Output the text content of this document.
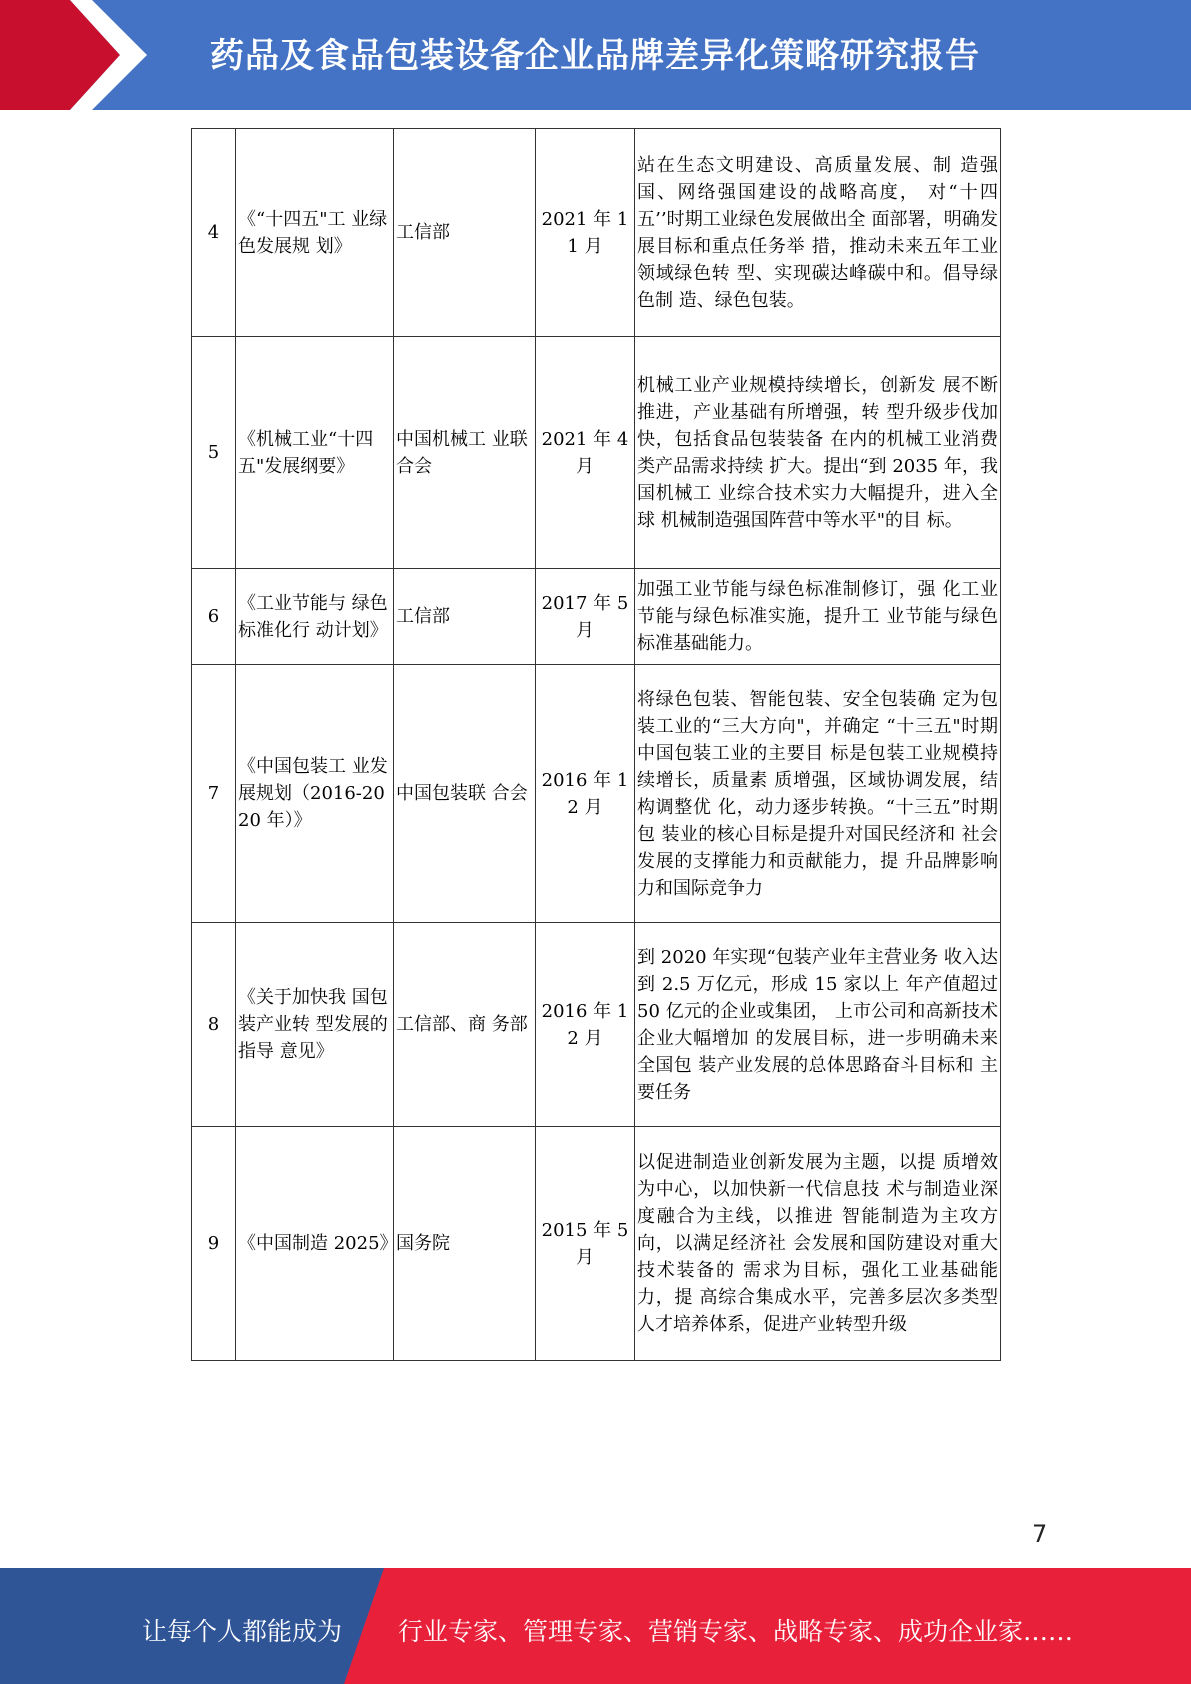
药品及食品包装设备企业品牌差异化策略研究报告
4	《“十四五"工 业绿色发展规 划》	工信部	2021 年 11 月	站在生态文明建设、高质量发展、制 造强国、网络强国建设的战略高度， 对“十四五’’时期工业绿色发展做出全 面部署，明确发展目标和重点任务举 措，推动未来五年工业领域绿色转 型、实现碳达峰碳中和。倡导绿色制 造、绿色包装。
5	《机械工业“十四五"发展纲要》	中国机械工 业联合会	2021 年 4 月	机械工业产业规模持续增长，创新发 展不断推进，产业基础有所增强，转 型升级步伐加快，包括食品包装装备 在内的机械工业消费类产品需求持续 扩大。提出“到 2035 年，我国机械工 业综合技术实力大幅提升，进入全球 机械制造强国阵营中等水平"的目 标。
6	《工业节能与 绿色标准化行 动计划》	工信部	2017 年 5 月	加强工业节能与绿色标准制修订，强 化工业节能与绿色标准实施，提升工 业节能与绿色标准基础能力。
7	《中国包装工 业发展规划（2016-2020 年）》	中国包装联 合会	2016 年 12 月	将绿色包装、智能包装、安全包装确 定为包装工业的“三大方向"，并确定 “十三五"时期中国包装工业的主要目 标是包装工业规模持续增长，质量素 质增强，区域协调发展，结构调整优 化，动力逐步转换。“十三五”时期包 装业的核心目标是提升对国民经济和 社会发展的支撑能力和贡献能力，提 升品牌影响力和国际竞争力
8	《关于加快我 国包装产业转 型发展的指导 意见》	工信部、商 务部	2016 年 12 月	到 2020 年实现“包装产业年主营业务 收入达到 2.5 万亿元，形成 15 家以上 年产值超过 50 亿元的企业或集团， 上市公司和高新技术企业大幅增加 的发展目标，进一步明确未来全国包 装产业发展的总体思路奋斗目标和 主要任务
9	《中国制造 2025》	国务院	2015 年 5 月	以促进制造业创新发展为主题，以提 质增效为中心，以加快新一代信息技 术与制造业深度融合为主线，以推进 智能制造为主攻方向，以满足经济社 会发展和国防建设对重大技术装备的 需求为目标，强化工业基础能力，提 高综合集成水平，完善多层次多类型 人才培养体系，促进产业转型升级
7
让每个人都能成为 行业专家、管理专家、营销专家、战略专家、成功企业家……
